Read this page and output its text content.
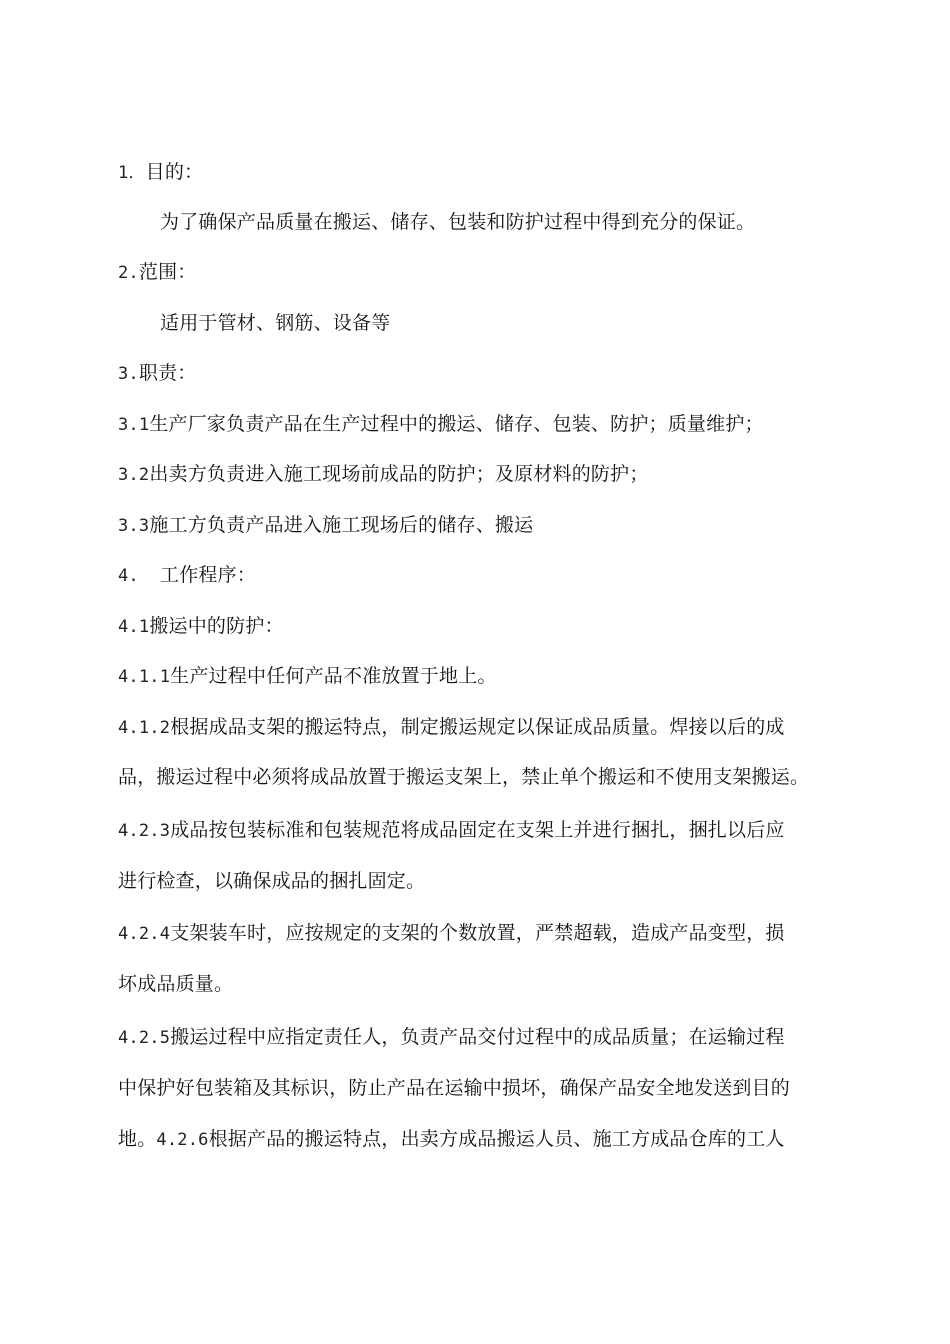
1．目的：
为了确保产品质量在搬运、储存、包装和防护过程中得到充分的保证。
2.范围：
适用于管材、钢筋、设备等
3.职责：
3.1生产厂家负责产品在生产过程中的搬运、储存、包装、防护；质量维护；
3.2出卖方负责进入施工现场前成品的防护；及原材料的防护；
3.3施工方负责产品进入施工现场后的储存、搬运
4. 工作程序：
4.1搬运中的防护：
4.1.1生产过程中任何产品不准放置于地上。
4.1.2根据成品支架的搬运特点，制定搬运规定以保证成品质量。焊接以后的成
品，搬运过程中必须将成品放置于搬运支架上，禁止单个搬运和不使用支架搬运。
4.2.3成品按包装标准和包装规范将成品固定在支架上并进行捆扎，捆扎以后应
进行检查，以确保成品的捆扎固定。
4.2.4支架装车时，应按规定的支架的个数放置，严禁超载，造成产品变型，损
坏成品质量。
4.2.5搬运过程中应指定责任人，负责产品交付过程中的成品质量；在运输过程
中保护好包装箱及其标识，防止产品在运输中损坏，确保产品安全地发送到目的
地。4.2.6根据产品的搬运特点，出卖方成品搬运人员、施工方成品仓库的工人
